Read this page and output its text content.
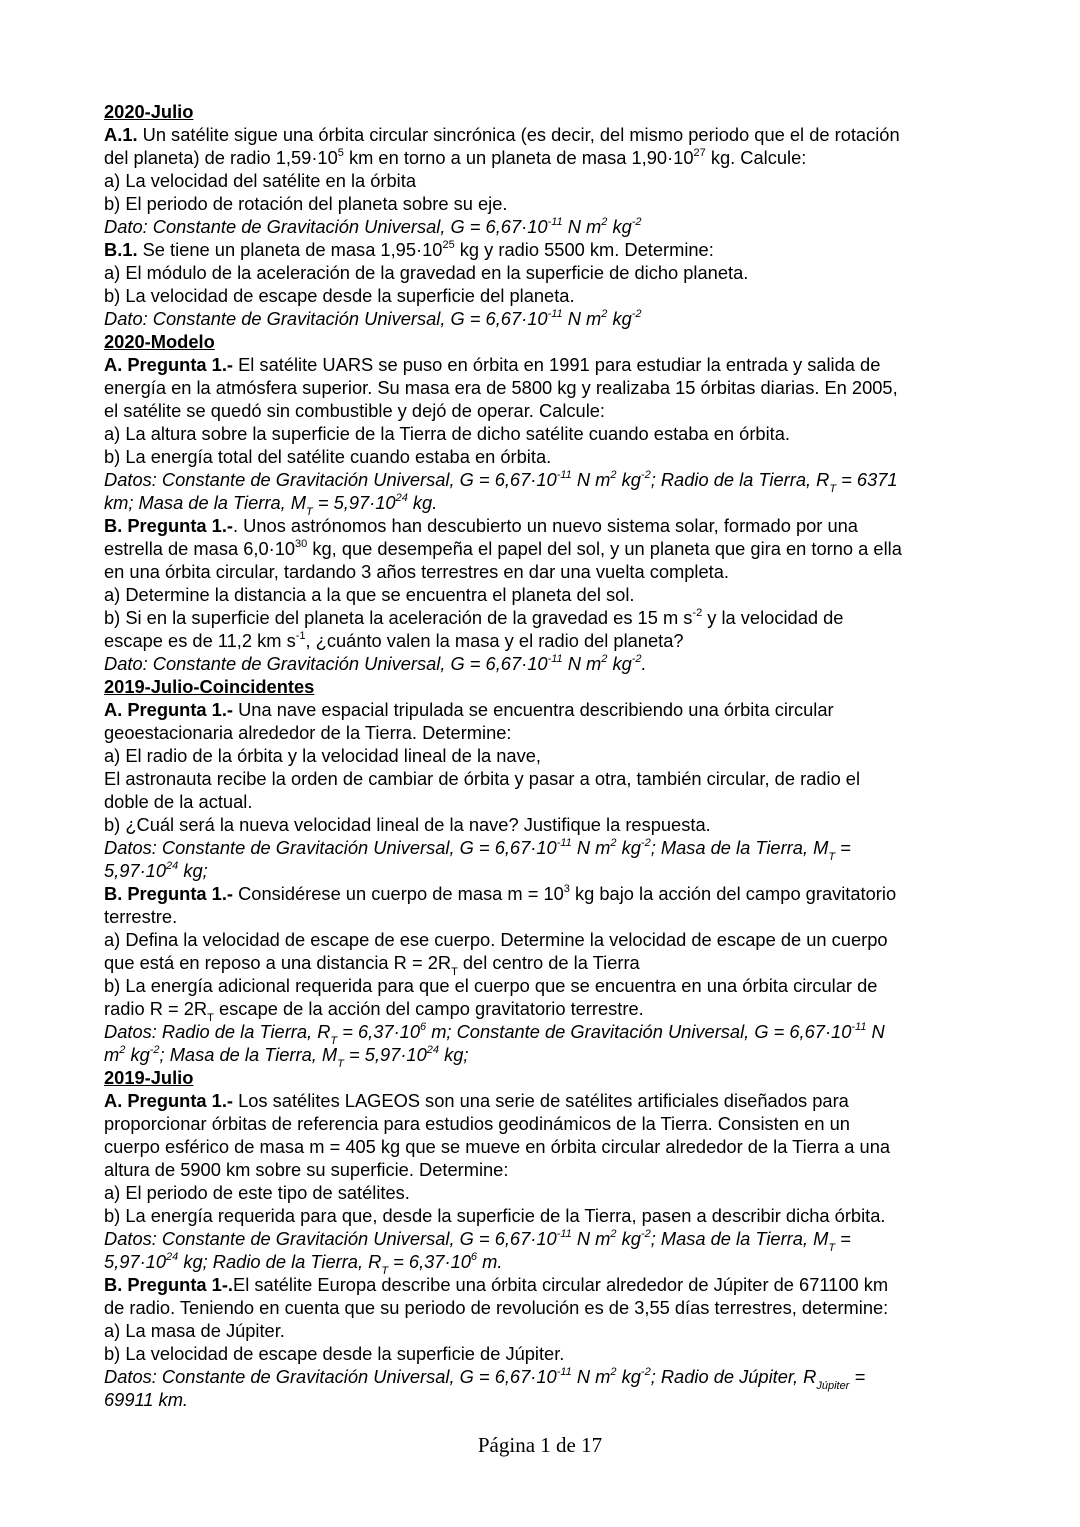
2020-Julio
A.1. Un satélite sigue una órbita circular sincrónica (es decir, del mismo periodo que el de rotación
del planeta) de radio $1,59\cdot 10^5$ km en torno a un planeta de masa $1,90\cdot 10^{27}$ kg. Calcule:
a) La velocidad del satélite en la órbita
b) El periodo de rotación del planeta sobre su eje.
Dato: Constante de Gravitación Universal, $G = 6,67\cdot 10^{-11}$ N $m^2$ $kg^{-2}$
B.1. Se tiene un planeta de masa $1,95\cdot 10^{25}$ kg y radio 5500 km. Determine:
a) El módulo de la aceleración de la gravedad en la superficie de dicho planeta.
b) La velocidad de escape desde la superficie del planeta.
Dato: Constante de Gravitación Universal, $G = 6,67\cdot 10^{-11}$ N $m^2$ $kg^{-2}$
2020-Modelo
A. Pregunta 1.- El satélite UARS se puso en órbita en 1991 para estudiar la entrada y salida de
energía en la atmósfera superior. Su masa era de 5800 kg y realizaba 15 órbitas diarias. En 2005,
el satélite se quedó sin combustible y dejó de operar. Calcule:
a) La altura sobre la superficie de la Tierra de dicho satélite cuando estaba en órbita.
b) La energía total del satélite cuando estaba en órbita.
Datos: Constante de Gravitación Universal, $G = 6,67\cdot 10^{-11}$ N $m^2$ $kg^{-2}$; Radio de la Tierra, $R_T = 6371$
km; Masa de la Tierra, $M_T = 5,97\cdot 10^{24}$ kg.
B. Pregunta 1.-. Unos astrónomos han descubierto un nuevo sistema solar, formado por una
estrella de masa $6,0\cdot 10^{30}$ kg, que desempeña el papel del sol, y un planeta que gira en torno a ella
en una órbita circular, tardando 3 años terrestres en dar una vuelta completa.
a) Determine la distancia a la que se encuentra el planeta del sol.
b) Si en la superficie del planeta la aceleración de la gravedad es 15 m $s^{-2}$ y la velocidad de
escape es de 11,2 km $s^{-1}$, ¿cuánto valen la masa y el radio del planeta?
Dato: Constante de Gravitación Universal, $G = 6,67\cdot 10^{-11}$ N $m^2$ $kg^{-2}$.
2019-Julio-Coincidentes
A. Pregunta 1.- Una nave espacial tripulada se encuentra describiendo una órbita circular
geoestacionaria alrededor de la Tierra. Determine:
a) El radio de la órbita y la velocidad lineal de la nave,
El astronauta recibe la orden de cambiar de órbita y pasar a otra, también circular, de radio el
doble de la actual.
b) ¿Cuál será la nueva velocidad lineal de la nave? Justifique la respuesta.
Datos: Constante de Gravitación Universal, $G = 6,67\cdot 10^{-11}$ N $m^2$ $kg^{-2}$; Masa de la Tierra, $M_T$ =
$5,97\cdot 10^{24}$ kg;
B. Pregunta 1.- Considérese un cuerpo de masa $m = 10^3$ kg bajo la acción del campo gravitatorio
terrestre.
a) Defina la velocidad de escape de ese cuerpo. Determine la velocidad de escape de un cuerpo
que está en reposo a una distancia $R = 2R_T$ del centro de la Tierra
b) La energía adicional requerida para que el cuerpo que se encuentra en una órbita circular de
radio $R = 2R_T$ escape de la acción del campo gravitatorio terrestre.
Datos: Radio de la Tierra, $R_T = 6,37\cdot 10^6$ m; Constante de Gravitación Universal, $G = 6,67\cdot 10^{-11}$ N
$m^2$ $kg^{-2}$; Masa de la Tierra, $M_T = 5,97\cdot 10^{24}$ kg;
2019-Julio
A. Pregunta 1.- Los satélites LAGEOS son una serie de satélites artificiales diseñados para
proporcionar órbitas de referencia para estudios geodinámicos de la Tierra. Consisten en un
cuerpo esférico de masa m = 405 kg que se mueve en órbita circular alrededor de la Tierra a una
altura de 5900 km sobre su superficie. Determine:
a) El periodo de este tipo de satélites.
b) La energía requerida para que, desde la superficie de la Tierra, pasen a describir dicha órbita.
Datos: Constante de Gravitación Universal, $G = 6,67\cdot 10^{-11}$ N $m^2$ $kg^{-2}$; Masa de la Tierra, $M_T$ =
$5,97\cdot 10^{24}$ kg; Radio de la Tierra, $R_T = 6,37\cdot 10^6$ m.
B. Pregunta 1-.El satélite Europa describe una órbita circular alrededor de Júpiter de 671100 km
de radio. Teniendo en cuenta que su periodo de revolución es de 3,55 días terrestres, determine:
a) La masa de Júpiter.
b) La velocidad de escape desde la superficie de Júpiter.
Datos: Constante de Gravitación Universal, $G = 6,67\cdot 10^{-11}$ N $m^2$ $kg^{-2}$; Radio de Júpiter, $R_{Júpiter}$ =
69911 km.
Página 1 de 17
